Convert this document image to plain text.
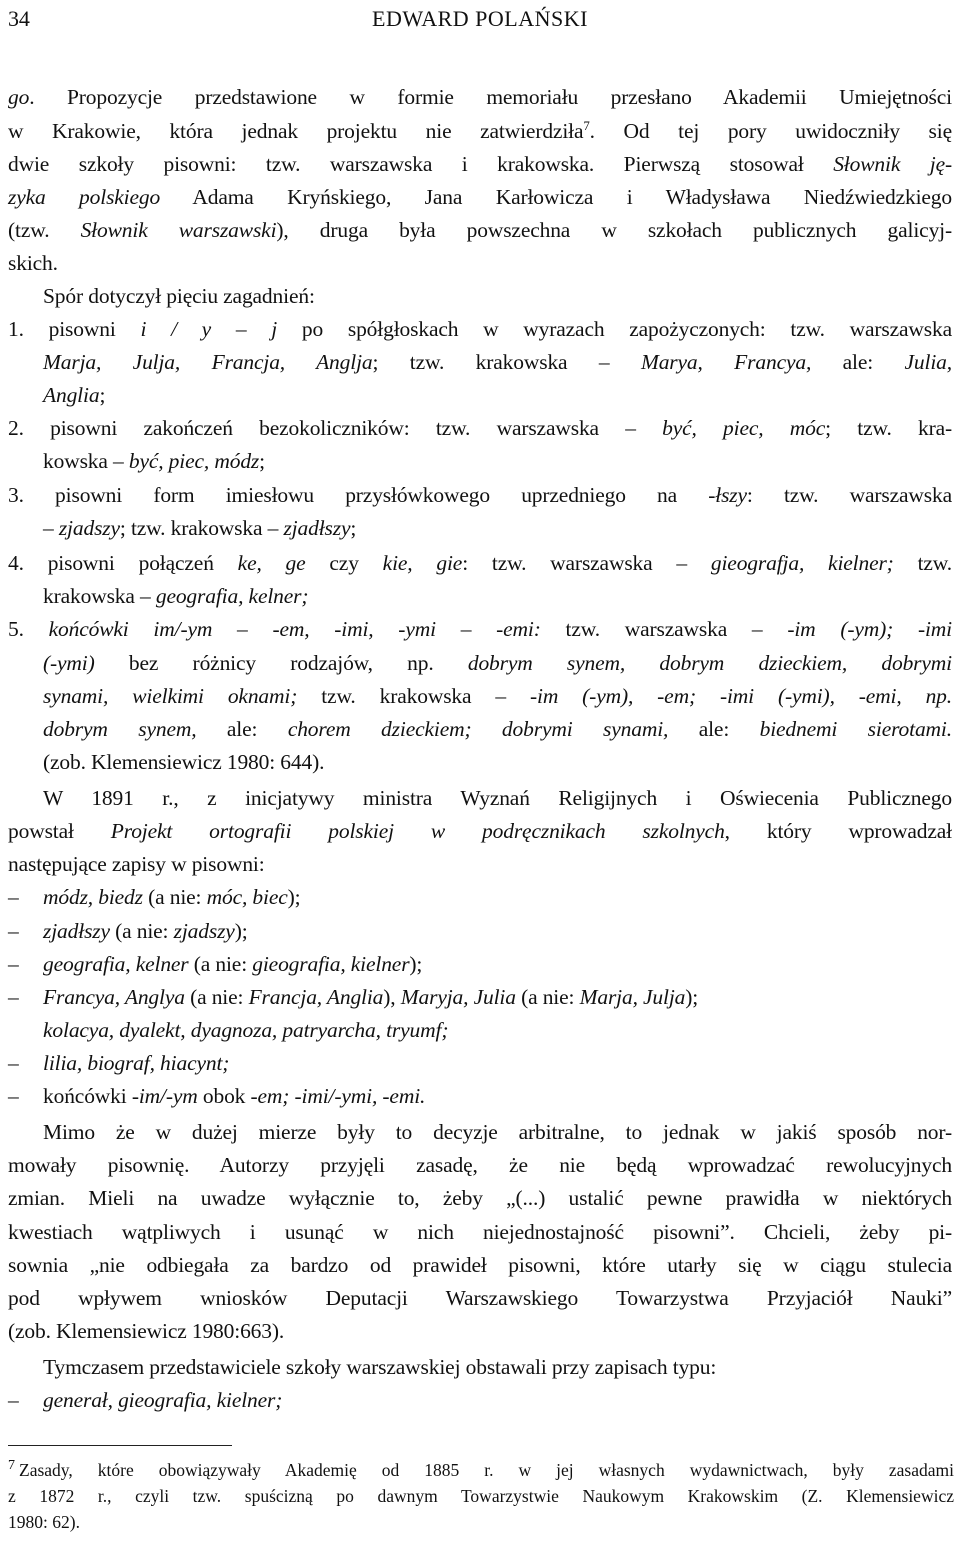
34	EDWARD POLAŃSKI
go. Propozycje przedstawione w formie memoriału przesłano Akademii Umiejętności
w Krakowie, która jednak projektu nie zatwierdziła$^7$. Od tej pory uwidoczniły się
dwie szkoły pisowni: tzw. warszawska i krakowska. Pierwszą stosował Słownik ję-
zyka polskiego Adama Kryńskiego, Jana Karłowicza i Władysława Niedźwiedzkiego
(tzw. Słownik warszawski), druga była powszechna w szkołach publicznych galicyj-
skich.
Spór dotyczył pięciu zagadnień:
1. pisowni i / y – j po spółgłoskach w wyrazach zapożyczonych: tzw. warszawska
Marja, Julja, Francja, Anglja; tzw. krakowska – Marya, Francya, ale: Julia,
Anglia;
2. pisowni zakończeń bezokoliczników: tzw. warszawska – być, piec, móc; tzw. kra-
kowska – być, piec, módz;
3. pisowni form imiesłowu przysłówkowego uprzedniego na -łszy: tzw. warszawska
– zjadszy; tzw. krakowska – zjadłszy;
4. pisowni połączeń ke, ge czy kie, gie: tzw. warszawska – gieografja, kielner; tzw.
krakowska – geografia, kelner;
5. końcówki im/-ym – -em, -imi, -ymi – -emi: tzw. warszawska – -im (-ym); -imi
(-ymi) bez różnicy rodzajów, np. dobrym synem, dobrym dzieckiem, dobrymi
synami, wielkimi oknami; tzw. krakowska – -im (-ym), -em; -imi (-ymi), -emi, np.
dobrym synem, ale: chorem dzieckiem; dobrymi synami, ale: biednemi sierotami.
(zob. Klemensiewicz 1980: 644).
W 1891 r., z inicjatywy ministra Wyznań Religijnych i Oświecenia Publicznego
powstał Projekt ortografii polskiej w podręcznikach szkolnych, który wprowadzał
następujące zapisy w pisowni:
– módz, biedz (a nie: móc, biec);
– zjadłszy (a nie: zjadszy);
– geografia, kelner (a nie: gieografia, kielner);
– Francya, Anglya (a nie: Francja, Anglia), Maryja, Julia (a nie: Marja, Julja);
kolacya, dyalekt, dyagnoza, patryarcha, tryumf;
– lilia, biograf, hiacynt;
– końcówki -im/-ym obok -em; -imi/-ymi, -emi.
Mimo że w dużej mierze były to decyzje arbitralne, to jednak w jakiś sposób nor-
mowały pisownię. Autorzy przyjęli zasadę, że nie będą wprowadzać rewolucyjnych
zmian. Mieli na uwadze wyłącznie to, żeby „(...) ustalić pewne prawidła w niektórych
kwestiach wątpliwych i usunąć w nich niejednostajność pisowni”. Chcieli, żeby pi-
sownia „nie odbiegała za bardzo od prawideł pisowni, które utarły się w ciągu stulecia
pod wpływem wniosków Deputacji Warszawskiego Towarzystwa Przyjaciół Nauki”
(zob. Klemensiewicz 1980:663).
Tymczasem przedstawiciele szkoły warszawskiej obstawali przy zapisach typu:
– generał, gieografia, kielner;
$^7$ Zasady, które obowiązywały Akademię od 1885 r. w jej własnych wydawnictwach, były zasadami
z 1872 r., czyli tzw. spuścizną po dawnym Towarzystwie Naukowym Krakowskim (Z. Klemensiewicz
1980: 62).
